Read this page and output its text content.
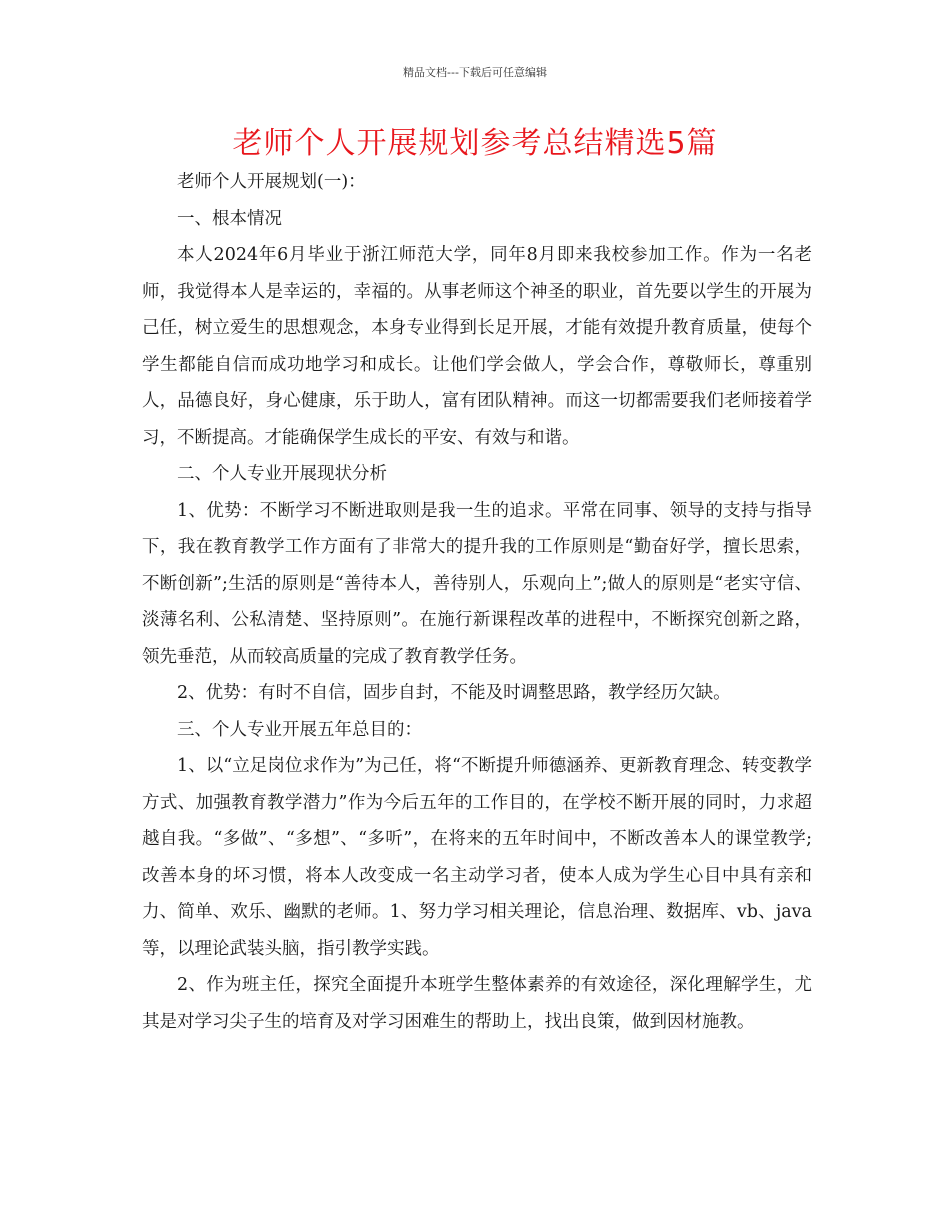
精品文档---下载后可任意编辑
老师个人开展规划参考总结精选5篇

老师个人开展规划(一)：

一、根本情况

本人2024年6月毕业于浙江师范大学，同年8月即来我校参加工作。作为一名老师，我觉得本人是幸运的，幸福的。从事老师这个神圣的职业，首先要以学生的开展为己任，树立爱生的思想观念，本身专业得到长足开展，才能有效提升教育质量，使每个学生都能自信而成功地学习和成长。让他们学会做人，学会合作，尊敬师长，尊重别人，品德良好，身心健康，乐于助人，富有团队精神。而这一切都需要我们老师接着学习，不断提高。才能确保学生成长的平安、有效与和谐。

二、个人专业开展现状分析

1、优势：不断学习不断进取则是我一生的追求。平常在同事、领导的支持与指导下，我在教育教学工作方面有了非常大的提升我的工作原则是“勤奋好学，擅长思索，不断创新”;生活的原则是“善待本人，善待别人，乐观向上”;做人的原则是“老实守信、淡薄名利、公私清楚、坚持原则”。在施行新课程改革的进程中，不断探究创新之路，领先垂范，从而较高质量的完成了教育教学任务。

2、优势：有时不自信，固步自封，不能及时调整思路，教学经历欠缺。

三、个人专业开展五年总目的：

1、以“立足岗位求作为”为己任，将“不断提升师德涵养、更新教育理念、转变教学方式、加强教育教学潜力”作为今后五年的工作目的，在学校不断开展的同时，力求超越自我。“多做”、“多想”、“多听”，在将来的五年时间中，不断改善本人的课堂教学;改善本身的坏习惯，将本人改变成一名主动学习者，使本人成为学生心目中具有亲和力、简单、欢乐、幽默的老师。1、努力学习相关理论，信息治理、数据库、vb、java等，以理论武装头脑，指引教学实践。

2、作为班主任，探究全面提升本班学生整体素养的有效途径，深化理解学生，尤其是对学习尖子生的培育及对学习困难生的帮助上，找出良策，做到因材施教。
